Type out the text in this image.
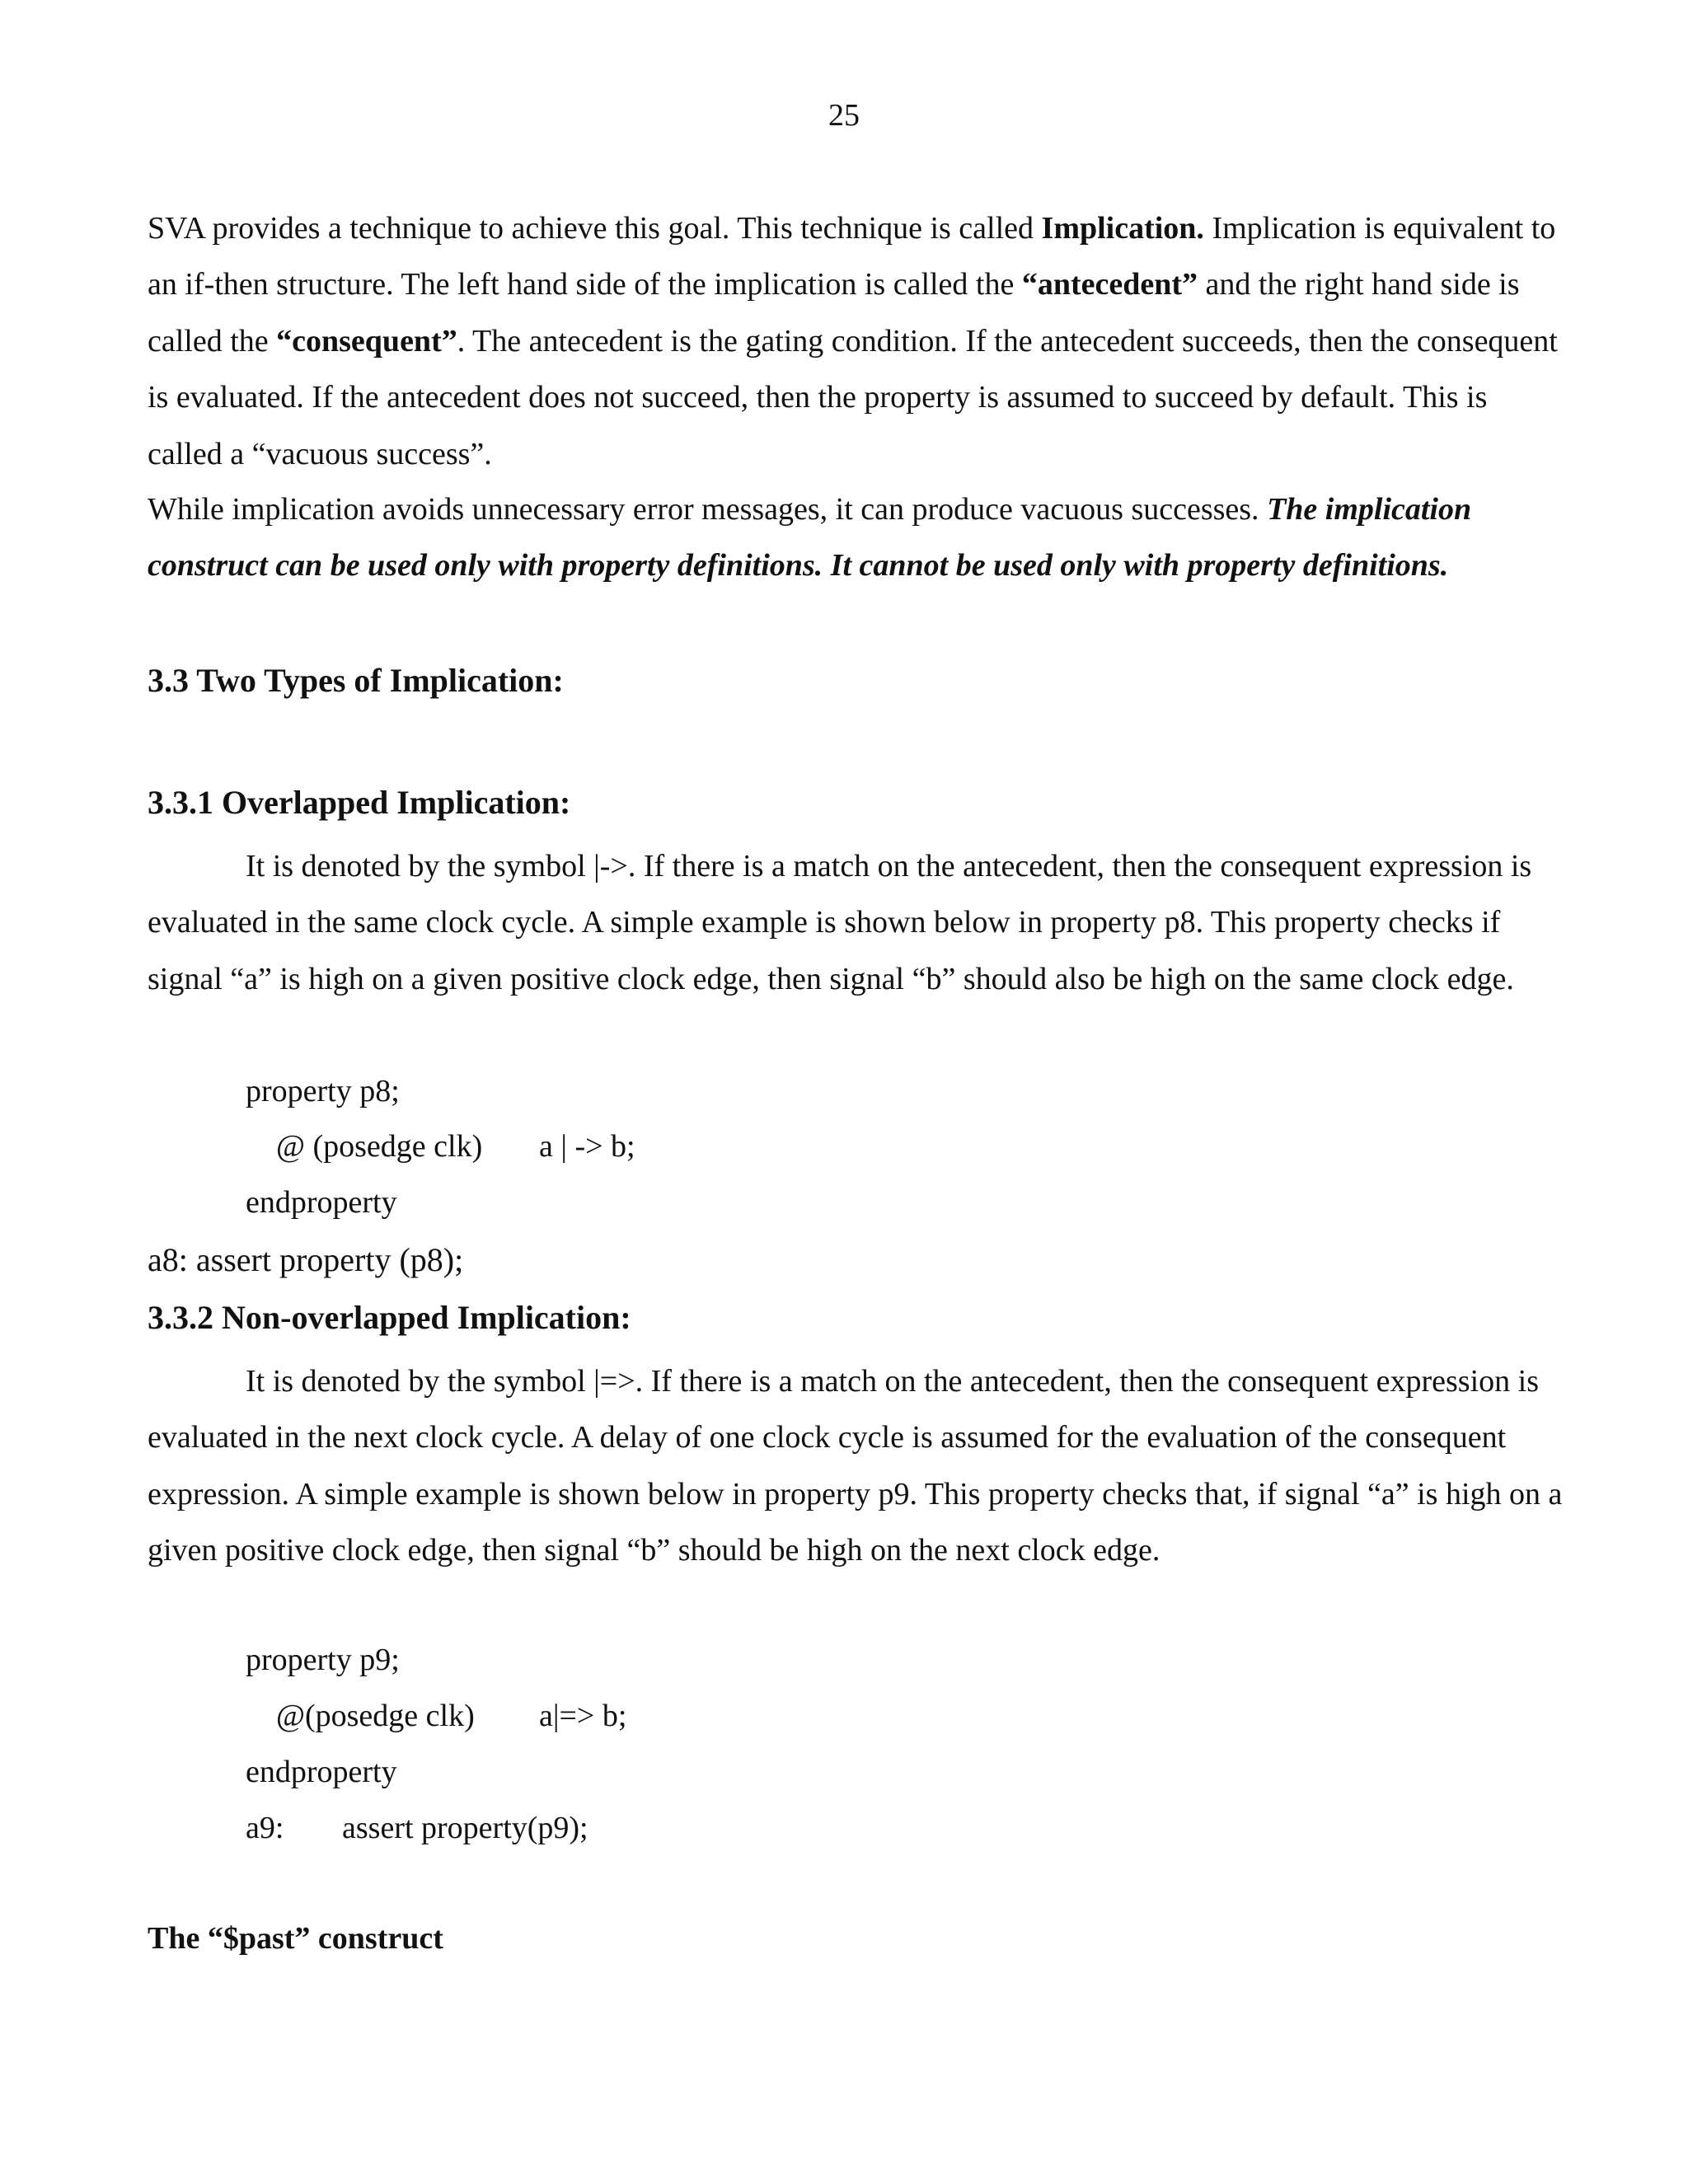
25

SVA provides a technique to achieve this goal. This technique is called Implication. Implication is equivalent to an if-then structure. The left hand side of the implication is called the “antecedent” and the right hand side is called the “consequent”. The antecedent is the gating condition. If the antecedent succeeds, then the consequent is evaluated. If the antecedent does not succeed, then the property is assumed to succeed by default. This is called a “vacuous success”.

While implication avoids unnecessary error messages, it can produce vacuous successes. The implication construct can be used only with property definitions. It cannot be used only with property definitions.

3.3 Two Types of Implication:
3.3.1 Overlapped Implication:

It is denoted by the symbol |->. If there is a match on the antecedent, then the consequent expression is evaluated in the same clock cycle. A simple example is shown below in property p8. This property checks if signal “a” is high on a given positive clock edge, then signal “b” should also be high on the same clock edge.

property p8;
@ (posedge clk) a | -> b;
endproperty
a8: assert property (p8);
3.3.2 Non-overlapped Implication:

It is denoted by the symbol |=>. If there is a match on the antecedent, then the consequent expression is evaluated in the next clock cycle. A delay of one clock cycle is assumed for the evaluation of the consequent expression. A simple example is shown below in property p9. This property checks that, if signal “a” is high on a given positive clock edge, then signal “b” should be high on the next clock edge.

property p9;
@(posedge clk) a|=> b;
endproperty
a9: assert property(p9);
The “$past” construct
